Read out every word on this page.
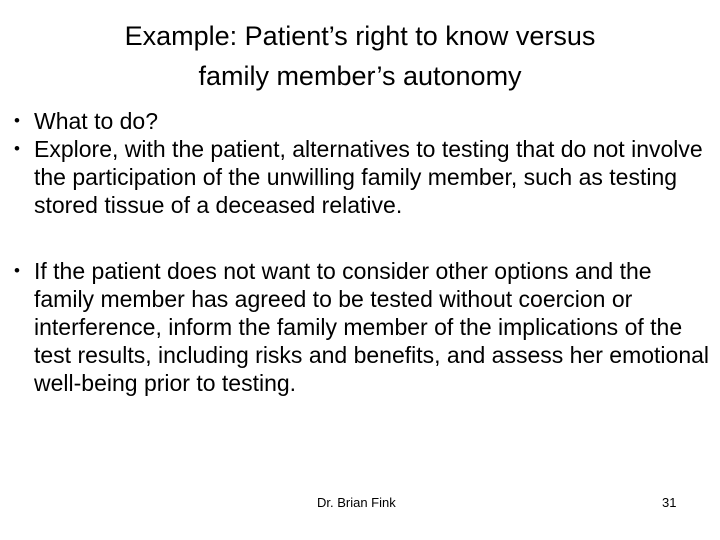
Example: Patient’s right to know versus
family member’s autonomy
• What to do?
• Explore, with the patient, alternatives to testing that do not involve the participation of the unwilling family member, such as testing stored tissue of a deceased relative.
• If the patient does not want to consider other options and the family member has agreed to be tested without coercion or interference, inform the family member of the implications of the test results, including risks and benefits, and assess her emotional well-being prior to testing.
Dr. Brian Fink	31
